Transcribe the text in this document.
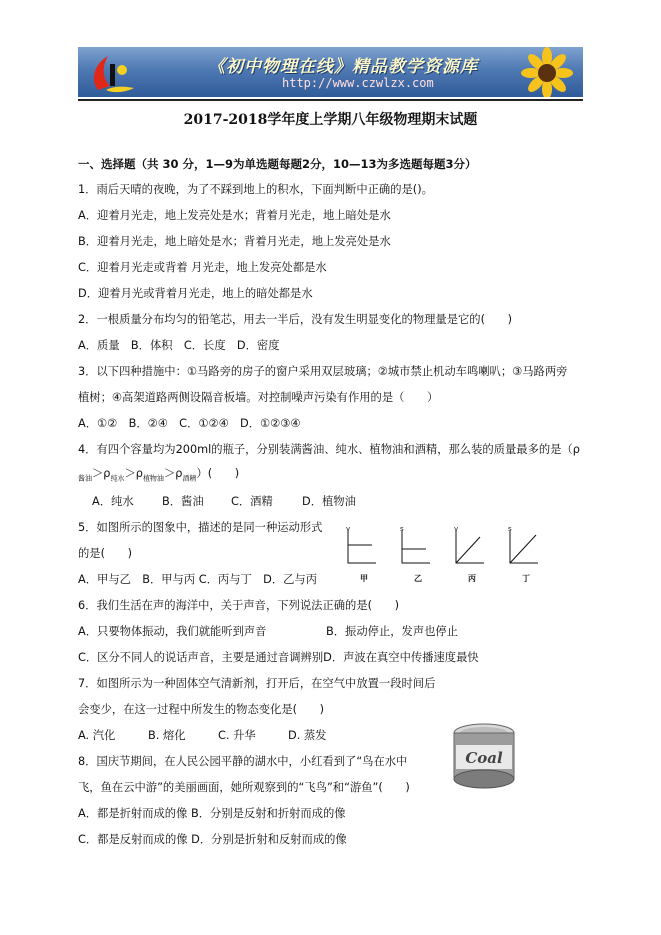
《初中物理在线》精品教学资源库
http://www.czwlzx.com
2017-2018学年度上学期八年级物理期末试题
一、选择题（共 30 分，1—9为单选题每题2分，10—13为多选题每题3分）
1．雨后天晴的夜晚，为了不踩到地上的积水，下面判断中正确的是()。
A．迎着月光走，地上发亮处是水；背着月光走，地上暗处是水
B．迎着月光走，地上暗处是水；背着月光走，地上发亮处是水
C．迎着月光走或背着 月光走，地上发亮处都是水
D．迎着月光或背着月光走，地上的暗处都是水
2．一根质量分布均匀的铅笔芯，用去一半后，没有发生明显变化的物理量是它的(　　)
A．质量　B．体积　C．长度　D．密度
3．以下四种措施中：①马路旁的房子的窗户采用双层玻璃；②城市禁止机动车鸣喇叭；③马路两旁
植树；④高架道路两侧设隔音板墙。对控制噪声污染有作用的是（　　）
A．①②　B．②④　C．①②④　D．①②③④
4．有四个容量均为200ml的瓶子，分别装满酱油、纯水、植物油和酒精，那么装的质量最多的是（ρ
$_{酱油}>\rho_{纯水}>\rho_{植物油}>\rho_{酒精}$）(　　)
A．纯水	B．酱油 C．酒精	D．植物油
5．如图所示的图象中，描述的是同一种运动形式
的是(　　)
A．甲与乙　B．甲与丙 C．丙与丁　D．乙与丙
v	s	v	s
甲	乙	丙	丁
6．我们生活在声的海洋中，关于声音，下列说法正确的是(　　)
A．只要物体振动，我们就能听到声音	B．振动停止，发声也停止
C．区分不同人的说话声音，主要是通过音调辨别D．声波在真空中传播速度最快
7．如图所示为一种固体空气清新剂，打开后，在空气中放置一段时间后
会变少，在这一过程中所发生的物态变化是(　　)
A. 汽化	B. 熔化	C. 升华	D. 蒸发
Coal
8．国庆节期间，在人民公园平静的湖水中，小红看到了“鸟在水中
飞，鱼在云中游”的美丽画面，她所观察到的“飞鸟”和“游鱼”(　　)
A．都是折射而成的像 B．分别是反射和折射而成的像
C．都是反射而成的像 D．分别是折射和反射而成的像
